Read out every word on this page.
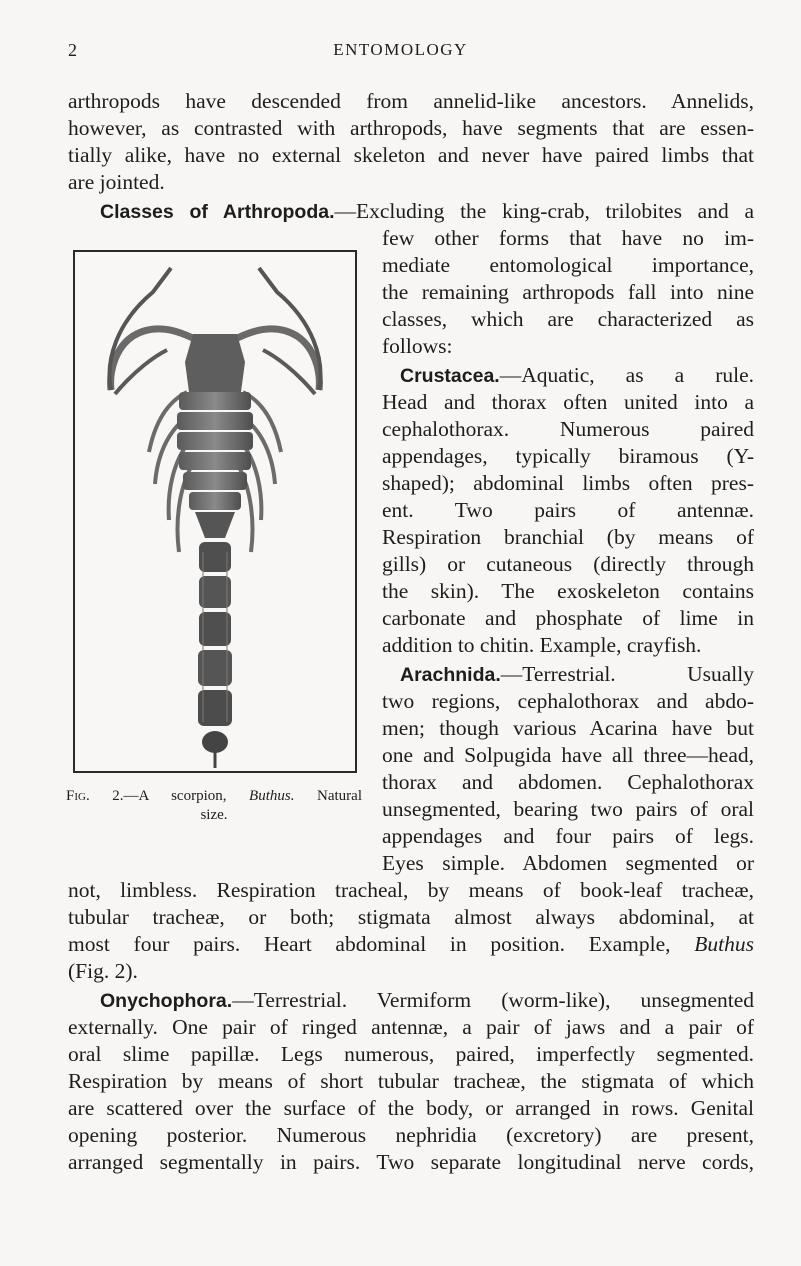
2	ENTOMOLOGY
arthropods have descended from annelid-like ancestors. Annelids,
however, as contrasted with arthropods, have segments that are essen-
tially alike, have no external skeleton and never have paired limbs that
are jointed.
Classes of Arthropoda.—Excluding the king-crab, trilobites and a
few other forms that have no im-
mediate entomological importance,
the remaining arthropods fall into nine
classes, which are characterized as
follows:
Crustacea.—Aquatic, as a rule.
Head and thorax often united into a
cephalothorax. Numerous paired
appendages, typically biramous (Y-
shaped); abdominal limbs often pres-
ent. Two pairs of antennæ.
Respiration branchial (by means of
gills) or cutaneous (directly through
the skin). The exoskeleton contains
carbonate and phosphate of lime in
addition to chitin. Example, crayfish.
Arachnida.—Terrestrial. Usually
two regions, cephalothorax and abdo-
men; though various Acarina have but
one and Solpugida have all three—head,
thorax and abdomen. Cephalothorax
unsegmented, bearing two pairs of oral
appendages and four pairs of legs.
Eyes simple. Abdomen segmented or
not, limbless. Respiration tracheal, by means of book-leaf tracheæ,
tubular tracheæ, or both; stigmata almost always abdominal, at
most four pairs. Heart abdominal in position. Example, Buthus
(Fig. 2).
Onychophora.—Terrestrial. Vermiform (worm-like), unsegmented
externally. One pair of ringed antennæ, a pair of jaws and a pair of
oral slime papillæ. Legs numerous, paired, imperfectly segmented.
Respiration by means of short tubular tracheæ, the stigmata of which
are scattered over the surface of the body, or arranged in rows. Genital
opening posterior. Numerous nephridia (excretory) are present,
arranged segmentally in pairs. Two separate longitudinal nerve cords,
Fig. 2.—A scorpion, Buthus. Natural
size.
